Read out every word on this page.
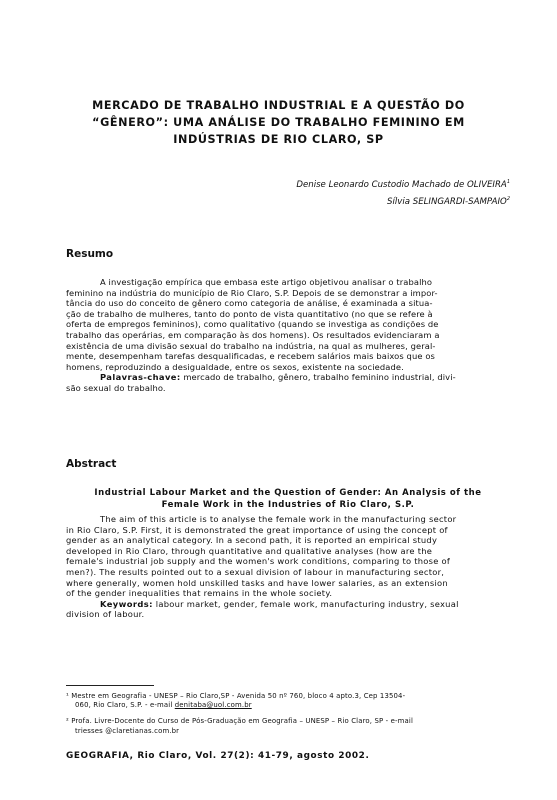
MERCADO DE TRABALHO INDUSTRIAL E A QUESTÃO DO
“GÊNERO”: UMA ANÁLISE DO TRABALHO FEMININO EM
INDÚSTRIAS DE RIO CLARO, SP
Denise Leonardo Custodio Machado de OLIVEIRA$^1$
Sílvia SELINGARDI-SAMPAIO$^2$
Resumo
A investigação empírica que embasa este artigo objetivou analisar o trabalho
feminino na indústria do município de Rio Claro, S.P. Depois de se demonstrar a impor-
tância do uso do conceito de gênero como categoria de análise, é examinada a situa-
ção de trabalho de mulheres, tanto do ponto de vista quantitativo (no que se refere à
oferta de empregos femininos), como qualitativo (quando se investiga as condições de
trabalho das operárias, em comparação às dos homens). Os resultados evidenciaram a
existência de uma divisão sexual do trabalho na indústria, na qual as mulheres, geral-
mente, desempenham tarefas desqualificadas, e recebem salários mais baixos que os
homens, reproduzindo a desigualdade, entre os sexos, existente na sociedade.
Palavras-chave: mercado de trabalho, gênero, trabalho feminino industrial, divi-
são sexual do trabalho.
Abstract
Industrial Labour Market and the Question of Gender: An Analysis of the
Female Work in the Industries of Rio Claro, S.P.
The aim of this article is to analyse the female work in the manufacturing sector
in Rio Claro, S.P. First, it is demonstrated the great importance of using the concept of
gender as an analytical category. In a second path, it is reported an empirical study
developed in Rio Claro, through quantitative and qualitative analyses (how are the
female's industrial job supply and the women's work conditions, comparing to those of
men?). The results pointed out to a sexual division of labour in manufacturing sector,
where generally, women hold unskilled tasks and have lower salaries, as an extension
of the gender inequalities that remains in the whole society.
Keywords: labour market, gender, female work, manufacturing industry, sexual
division of labour.
¹ Mestre em Geografia - UNESP – Rio Claro,SP - Avenida 50 nº 760, bloco 4 apto.3, Cep 13504-
060, Rio Claro, S.P. - e-mail denitaba@uol.com.br
² Profa. Livre-Docente do Curso de Pós-Graduação em Geografia – UNESP – Rio Claro, SP - e-mail
triesses @claretianas.com.br
GEOGRAFIA, Rio Claro, Vol. 27(2): 41-79, agosto 2002.
